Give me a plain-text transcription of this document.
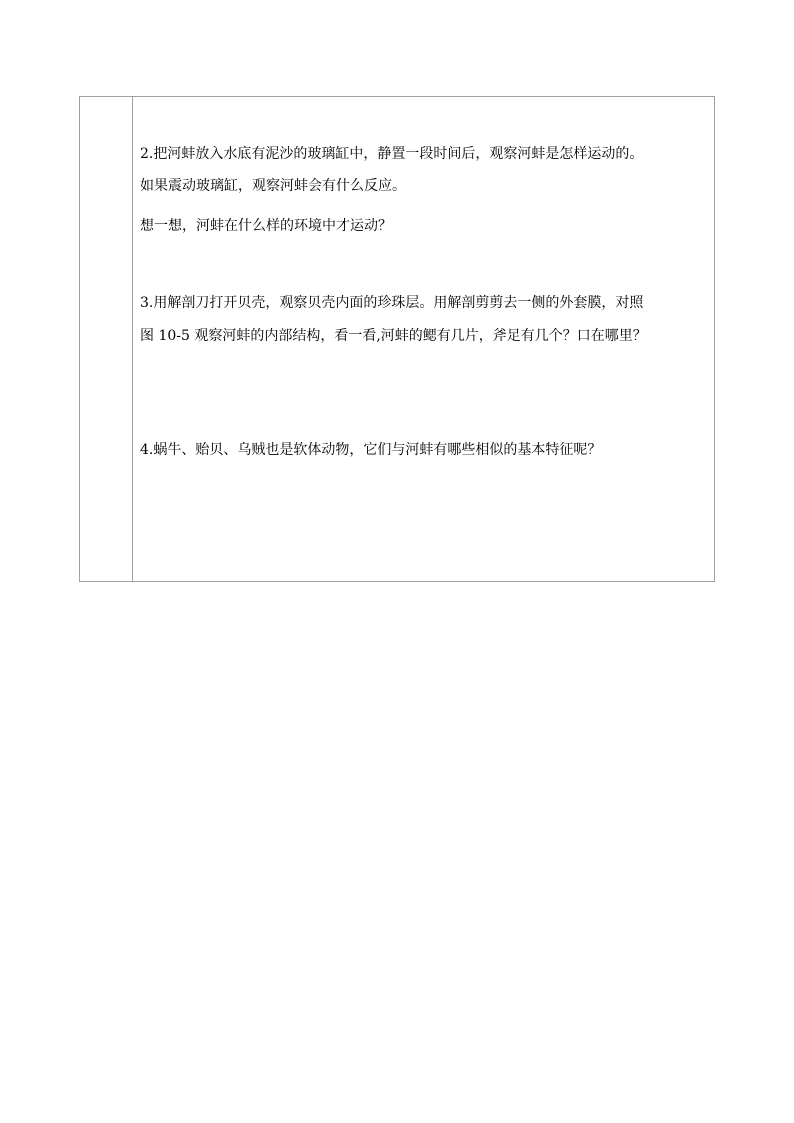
2.把河蚌放入水底有泥沙的玻璃缸中，静置一段时间后，观察河蚌是怎样运动的。
如果震动玻璃缸，观察河蚌会有什么反应。
想一想，河蚌在什么样的环境中才运动？
3.用解剖刀打开贝壳，观察贝壳内面的珍珠层。用解剖剪剪去一侧的外套膜，对照
图 10-5 观察河蚌的内部结构，看一看,河蚌的鳃有几片，斧足有几个？口在哪里？
4.蜗牛、贻贝、乌贼也是软体动物，它们与河蚌有哪些相似的基本特征呢？
